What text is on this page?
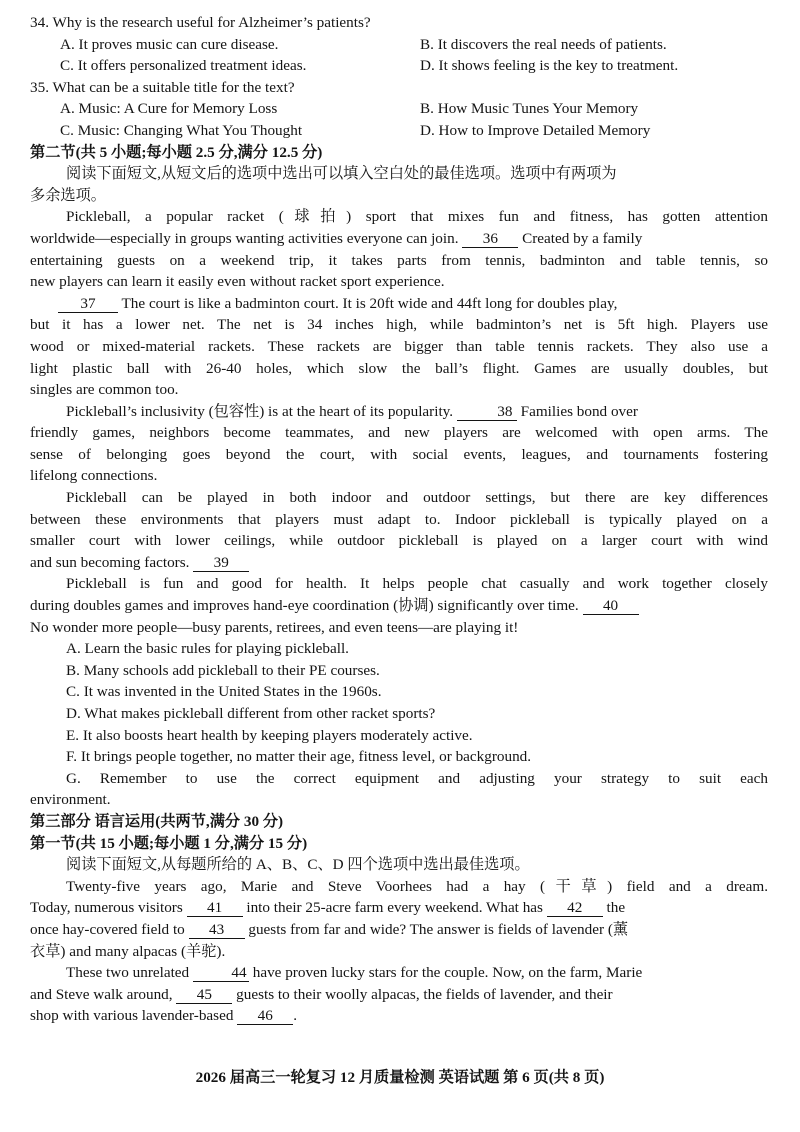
34. Why is the research useful for Alzheimer’s patients?
A. It proves music can cure disease.	B. It discovers the real needs of patients.
C. It offers personalized treatment ideas.	D. It shows feeling is the key to treatment.
35. What can be a suitable title for the text?
A. Music: A Cure for Memory Loss	B. How Music Tunes Your Memory
C. Music: Changing What You Thought	D. How to Improve Detailed Memory
第二节(共 5 小题;每小题 2.5 分,满分 12.5 分)
阅读下面短文,从短文后的选项中选出可以填入空白处的最佳选项。选项中有两项为
多余选项。
Pickleball, a popular racket (球拍) sport that mixes fun and fitness, has gotten attention
worldwide—especially in groups wanting activities everyone can join. 36 Created by a family
entertaining guests on a weekend trip, it takes parts from tennis, badminton and table tennis, so
new players can learn it easily even without racket sport experience.
37 The court is like a badminton court. It is 20ft wide and 44ft long for doubles play,
but it has a lower net. The net is 34 inches high, while badminton’s net is 5ft high. Players use
wood or mixed-material rackets. These rackets are bigger than table tennis rackets. They also use a
light plastic ball with 26-40 holes, which slow the ball’s flight. Games are usually doubles, but
singles are common too.
Pickleball’s inclusivity (包容性) is at the heart of its popularity.	38 Families bond over
friendly games, neighbors become teammates, and new players are welcomed with open arms. The
sense of belonging goes beyond the court, with social events, leagues, and tournaments fostering
lifelong connections.
Pickleball can be played in both indoor and outdoor settings, but there are key differences
between these environments that players must adapt to. Indoor pickleball is typically played on a
smaller court with lower ceilings, while outdoor pickleball is played on a larger court with wind
and sun becoming factors. 39
Pickleball is fun and good for health. It helps people chat casually and work together closely
during doubles games and improves hand-eye coordination (协调) significantly over time. 40
No wonder more people—busy parents, retirees, and even teens—are playing it!
A. Learn the basic rules for playing pickleball.
B. Many schools add pickleball to their PE courses.
C. It was invented in the United States in the 1960s.
D. What makes pickleball different from other racket sports?
E. It also boosts heart health by keeping players moderately active.
F. It brings people together, no matter their age, fitness level, or background.
G. Remember to use the correct equipment and adjusting your strategy to suit each
environment.
第三部分 语言运用(共两节,满分 30 分)
第一节(共 15 小题;每小题 1 分,满分 15 分)
阅读下面短文,从每题所给的 A、B、C、D 四个选项中选出最佳选项。
Twenty-five years ago, Marie and Steve Voorhees had a hay (干草) field and a dream.
Today, numerous visitors 41 into their 25-acre farm every weekend. What has 42 the
once hay-covered field to 43 guests from far and wide? The answer is fields of lavender (薰
衣草) and many alpacas (羊驼).
These two unrelated	44 have proven lucky stars for the couple. Now, on the farm, Marie
and Steve walk around, 45 guests to their woolly alpacas, the fields of lavender, and their
shop with various lavender-based 46 .
2026 届高三一轮复习 12 月质量检测 英语试题 第 6 页(共 8 页)
